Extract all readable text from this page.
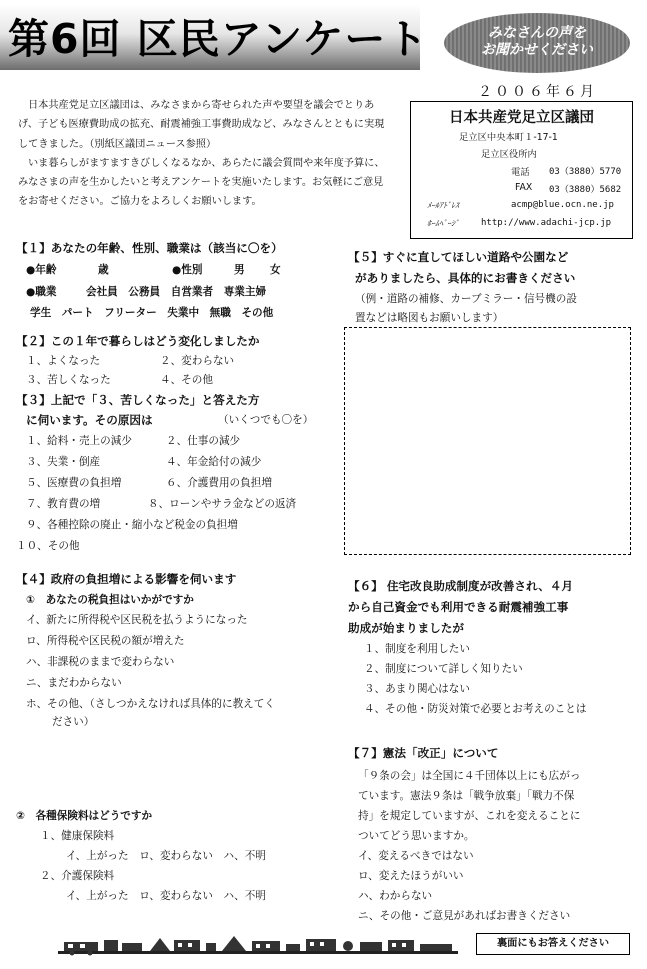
第6回 区民アンケート	みなさんの声を
お聞かせください
２００６年６月

日本共産党足立区議団は、みなさまから寄せられた声や要望を議会でとりあげ、子ども医療費助成の拡充、耐震補強工事費助成など、みなさんとともに実現してきました。（別紙区議団ニュース参照）

いま暮らしがますますきびしくなるなか、あらたに議会質問や来年度予算に、みなさまの声を生かしたいと考えアンケートを実施いたします。お気軽にご意見をお寄せください。ご協力をよろしくお願いします。

日本共産党足立区議団
足立区中央本町１-17-1
足立区役所内
電話 03（3880）5770
FAX 03（3880）5682
ﾒｰﾙｱﾄﾞﾚｽ	acmp@blue.ocn.ne.jp
ﾎｰﾑﾍﾟｰｼﾞ http://www.adachi-jcp.jp
【１】あなたの年齢、性別、職業は（該当に〇を）
●年齢	歳	●性別	男 女
●職業	会社員　公務員　自営業者　専業主婦
学生　パート　フリーター　失業中　無職　その他
【２】この１年で暮らしはどう変化しましたか
１、よくなった	２、変わらない
３、苦しくなった	４、その他
【３】上記で「３、苦しくなった」と答えた方
に伺います。その原因は	（いくつでも〇を）
１、給料・売上の減少	２、仕事の減少
３、失業・倒産	４、年金給付の減少
５、医療費の負担増	６、介護費用の負担増
７、教育費の増	８、ローンやサラ金などの返済
９、各種控除の廃止・縮小など税金の負担増
１０、その他
【４】政府の負担増による影響を伺います
①　あなたの税負担はいかがですか
イ、新たに所得税や区民税を払うようになった
ロ、所得税や区民税の額が増えた
ハ、非課税のままで変わらない
ニ、まだわからない
ホ、その他、（さしつかえなければ具体的に教えてく
ださい）
②　各種保険料はどうですか
１、健康保険料
イ、上がった　ロ、変わらない　ハ、不明
２、介護保険料
イ、上がった　ロ、変わらない　ハ、不明
【５】すぐに直してほしい道路や公園など
がありましたら、具体的にお書きください
（例・道路の補修、カーブミラー・信号機の設
置などは略図もお願いします）
【６】 住宅改良助成制度が改善され、４月
から自己資金でも利用できる耐震補強工事
助成が始まりましたが
１、制度を利用したい
２、制度について詳しく知りたい
３、あまり関心はない
４、その他・防災対策で必要とお考えのことは
【７】憲法「改正」について
「９条の会」は全国に４千団体以上にも広がっ
ています。憲法９条は「戦争放棄」「戦力不保
持」を規定していますが、これを変えることに
ついてどう思いますか。
イ、変えるべきではない
ロ、変えたほうがいい
ハ、わからない
ニ、その他・ご意見があればお書きください
裏面にもお答えください
